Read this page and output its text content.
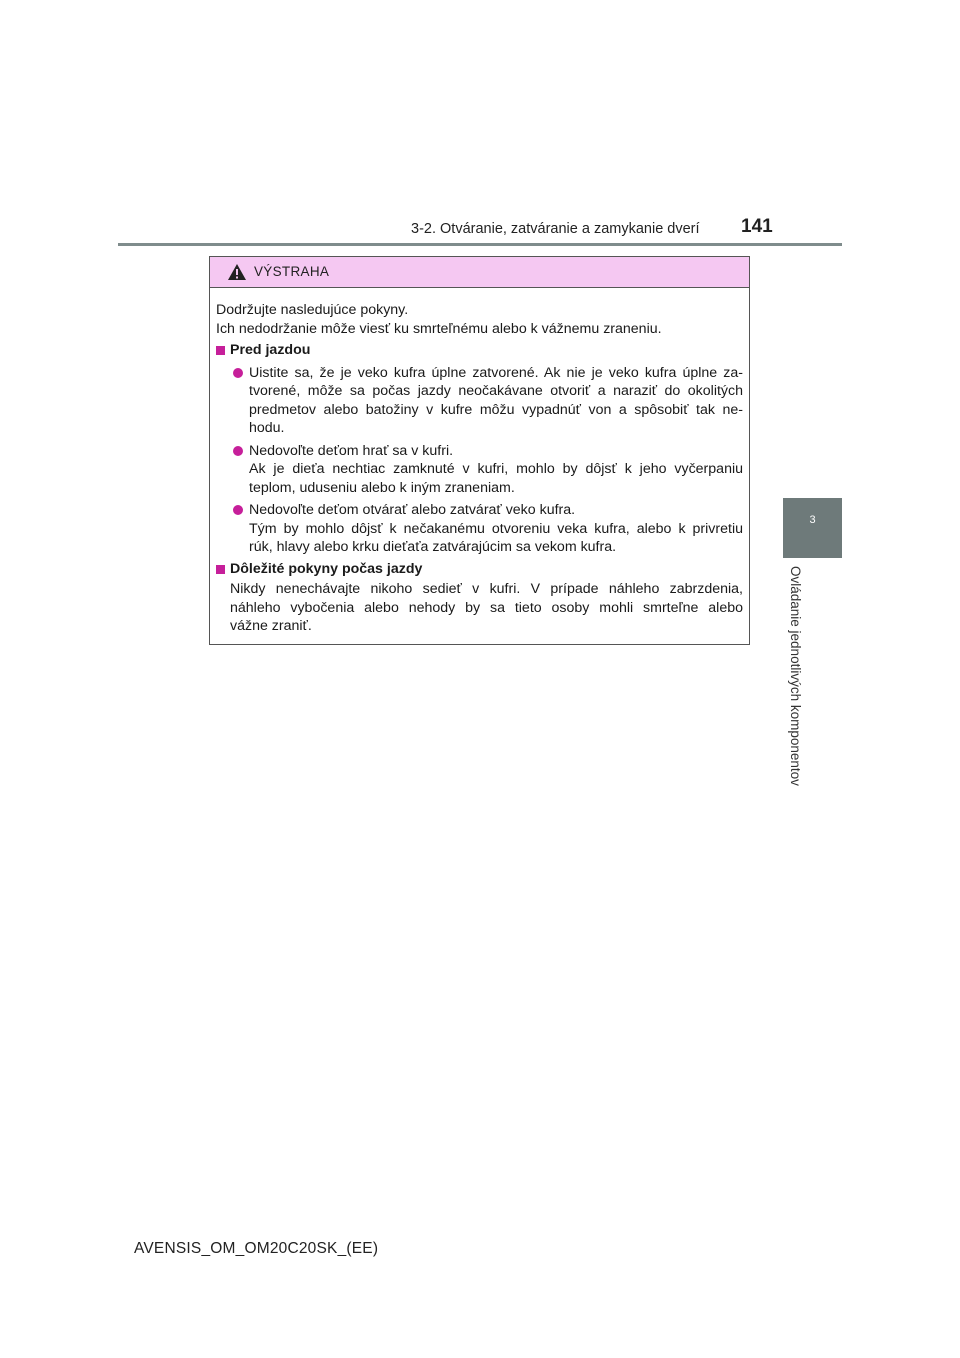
3-2. Otváranie, zatváranie a zamykanie dverí 141
3
Ovládanie jednotlivých komponentov
VÝSTRAHA
Dodržujte nasledujúce pokyny.
Ich nedodržanie môže viesť ku smrteľnému alebo k vážnemu zraneniu.
Pred jazdou
Uistite sa, že je veko kufra úplne zatvorené. Ak nie je veko kufra úplne za-
tvorené, môže sa počas jazdy neočakávane otvoriť a naraziť do okolitých
predmetov alebo batožiny v kufre môžu vypadnúť von a spôsobiť tak ne-
hodu.
Nedovoľte deťom hrať sa v kufri.
Ak je dieťa nechtiac zamknuté v kufri, mohlo by dôjsť k jeho vyčerpaniu
teplom, uduseniu alebo k iným zraneniam.
Nedovoľte deťom otvárať alebo zatvárať veko kufra.
Tým by mohlo dôjsť k nečakanému otvoreniu veka kufra, alebo k privretiu
rúk, hlavy alebo krku dieťaťa zatvárajúcim sa vekom kufra.
Dôležité pokyny počas jazdy
Nikdy nenechávajte nikoho sedieť v kufri. V prípade náhleho zabrzdenia,
náhleho vybočenia alebo nehody by sa tieto osoby mohli smrteľne alebo
vážne zraniť.
AVENSIS_OM_OM20C20SK_(EE)
